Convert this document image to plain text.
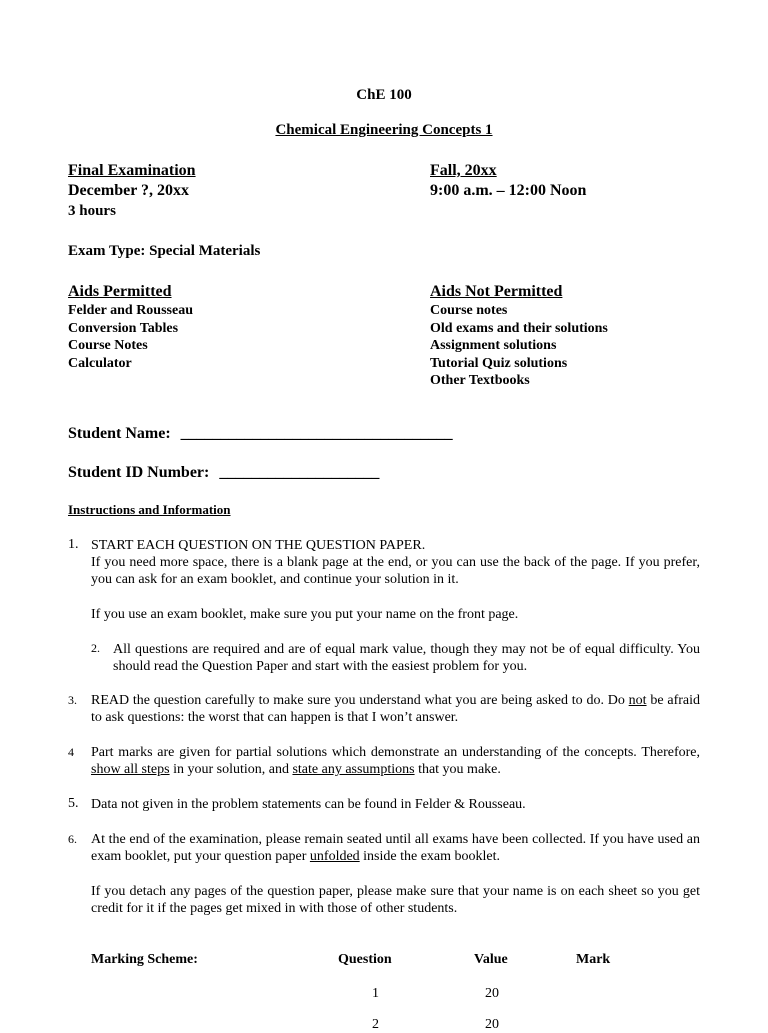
ChE 100
Chemical Engineering Concepts 1
Final Examination
December ?, 20xx
3 hours
Fall, 20xx
9:00 a.m. – 12:00 Noon
Exam Type: Special Materials
Aids Permitted
Felder and Rousseau
Conversion Tables
Course Notes
Calculator
Aids Not Permitted
Course notes
Old exams and their solutions
Assignment solutions
Tutorial Quiz solutions
Other Textbooks
Student Name: __________________________________
Student ID Number: ____________________
Instructions and Information
1. START EACH QUESTION ON THE QUESTION PAPER.
If you need more space, there is a blank page at the end, or you can use the back of the page. If you prefer, you can ask for an exam booklet, and continue your solution in it.
If you use an exam booklet, make sure you put your name on the front page.
2. All questions are required and are of equal mark value, though they may not be of equal difficulty. You should read the Question Paper and start with the easiest problem for you.
3. READ the question carefully to make sure you understand what you are being asked to do. Do not be afraid to ask questions: the worst that can happen is that I won’t answer.
4 Part marks are given for partial solutions which demonstrate an understanding of the concepts. Therefore, show all steps in your solution, and state any assumptions that you make.
5. Data not given in the problem statements can be found in Felder & Rousseau.
6. At the end of the examination, please remain seated until all exams have been collected. If you have used an exam booklet, put your question paper unfolded inside the exam booklet.
If you detach any pages of the question paper, please make sure that your name is on each sheet so you get credit for it if the pages get mixed in with those of other students.
Marking Scheme:	Question	Value	Mark
1	20
2	20
